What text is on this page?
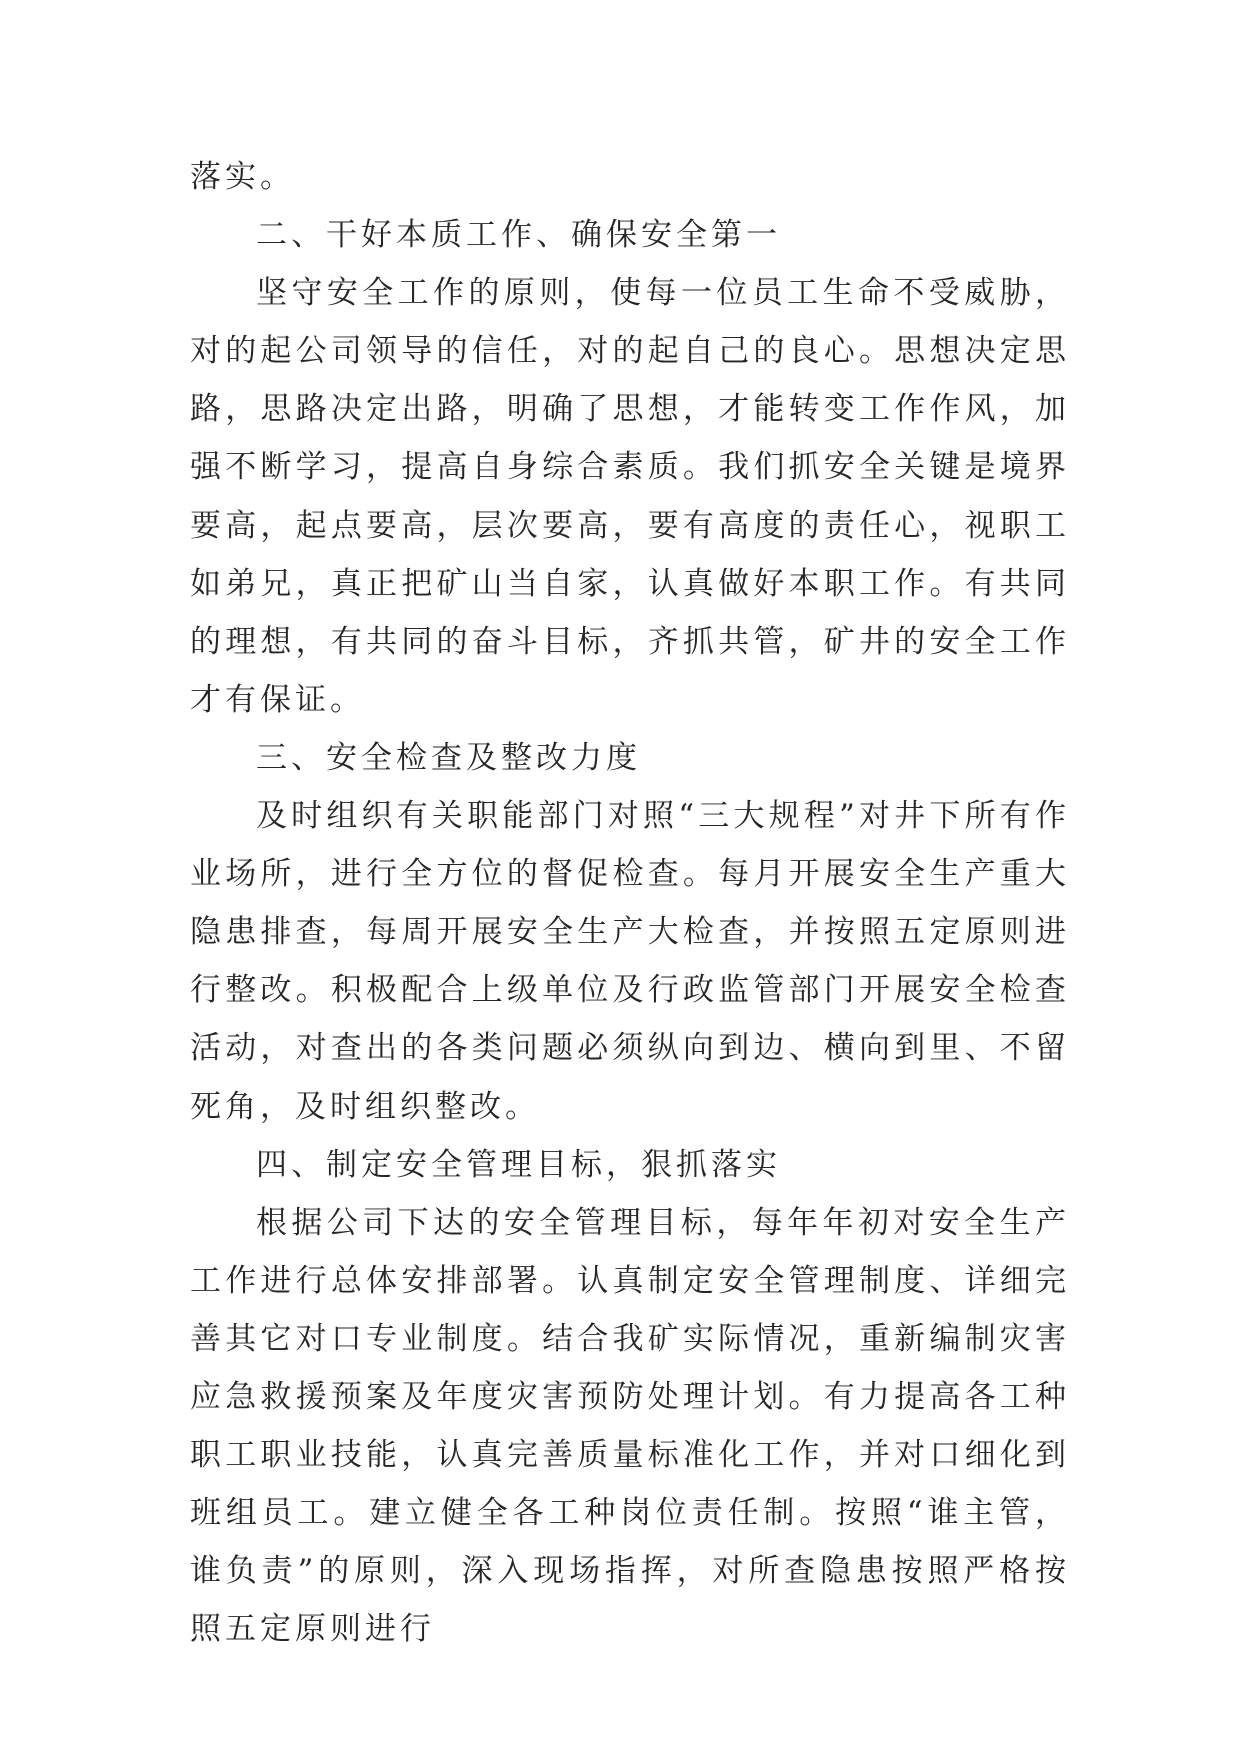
落实。

二、干好本质工作、确保安全第一

坚守安全工作的原则，使每一位员工生命不受威胁，对的起公司领导的信任，对的起自己的良心。思想决定思路，思路决定出路，明确了思想，才能转变工作作风，加强不断学习，提高自身综合素质。我们抓安全关键是境界要高，起点要高，层次要高，要有高度的责任心，视职工如弟兄，真正把矿山当自家，认真做好本职工作。有共同的理想，有共同的奋斗目标，齐抓共管，矿井的安全工作才有保证。

三、安全检查及整改力度

及时组织有关职能部门对照“三大规程”对井下所有作业场所，进行全方位的督促检查。每月开展安全生产重大隐患排查，每周开展安全生产大检查，并按照五定原则进行整改。积极配合上级单位及行政监管部门开展安全检查活动，对查出的各类问题必须纵向到边、横向到里、不留死角，及时组织整改。

四、制定安全管理目标，狠抓落实

根据公司下达的安全管理目标，每年年初对安全生产工作进行总体安排部署。认真制定安全管理制度、详细完善其它对口专业制度。结合我矿实际情况，重新编制灾害应急救援预案及年度灾害预防处理计划。有力提高各工种职工职业技能，认真完善质量标准化工作，并对口细化到班组员工。建立健全各工种岗位责任制。按照“谁主管，谁负责”的原则，深入现场指挥，对所查隐患按照严格按照五定原则进行
